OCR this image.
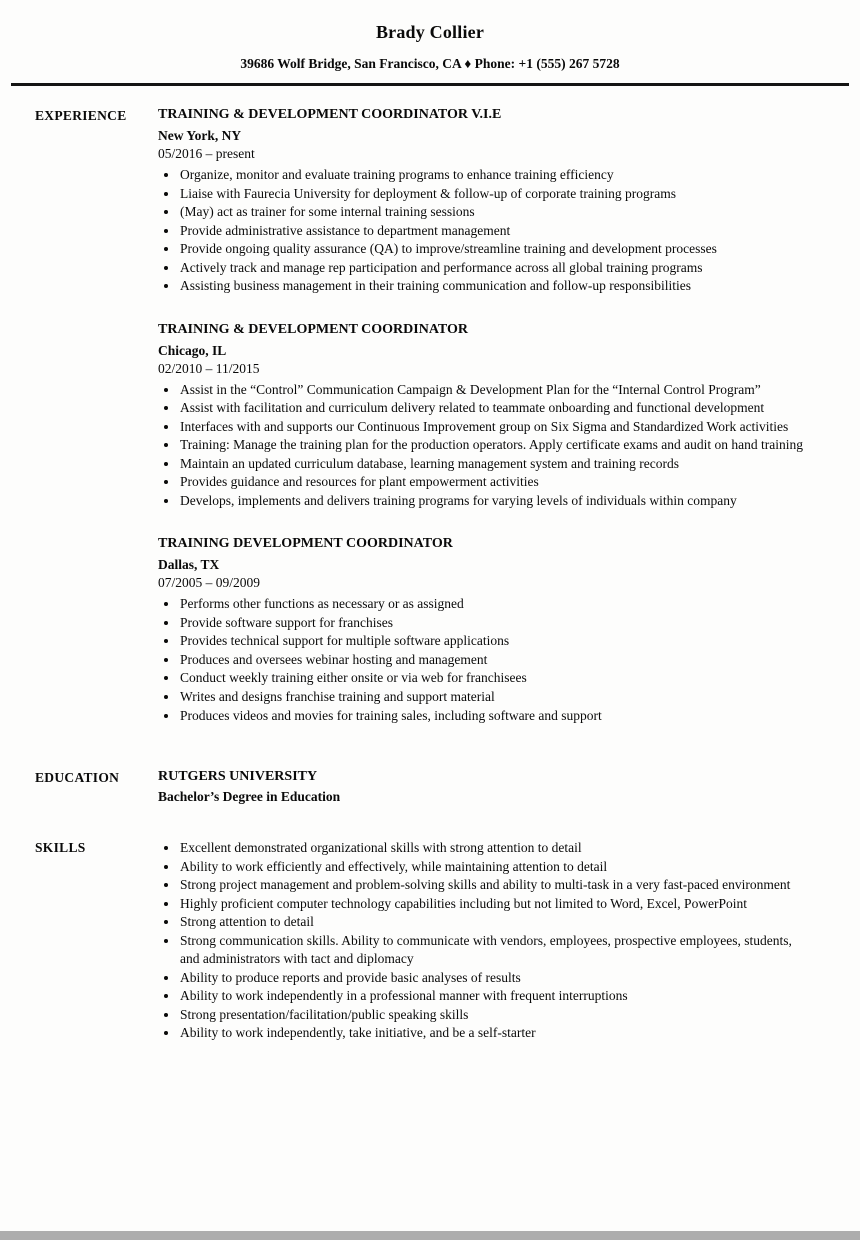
Brady Collier
39686 Wolf Bridge, San Francisco, CA ♦ Phone: +1 (555) 267 5728
EXPERIENCE	TRAINING & DEVELOPMENT COORDINATOR V.I.E
New York, NY
05/2016 – present
• Organize, monitor and evaluate training programs to enhance training efficiency
• Liaise with Faurecia University for deployment & follow-up of corporate training programs
• (May) act as trainer for some internal training sessions
• Provide administrative assistance to department management
• Provide ongoing quality assurance (QA) to improve/streamline training and development processes
• Actively track and manage rep participation and performance across all global training programs
• Assisting business management in their training communication and follow-up responsibilities
TRAINING & DEVELOPMENT COORDINATOR
Chicago, IL
02/2010 – 11/2015
• Assist in the “Control” Communication Campaign & Development Plan for the “Internal Control Program”
• Assist with facilitation and curriculum delivery related to teammate onboarding and functional development
• Interfaces with and supports our Continuous Improvement group on Six Sigma and Standardized Work activities
• Training: Manage the training plan for the production operators. Apply certificate exams and audit on hand training
• Maintain an updated curriculum database, learning management system and training records
• Provides guidance and resources for plant empowerment activities
• Develops, implements and delivers training programs for varying levels of individuals within company
TRAINING DEVELOPMENT COORDINATOR
Dallas, TX
07/2005 – 09/2009
• Performs other functions as necessary or as assigned
• Provide software support for franchises
• Provides technical support for multiple software applications
• Produces and oversees webinar hosting and management
• Conduct weekly training either onsite or via web for franchisees
• Writes and designs franchise training and support material
• Produces videos and movies for training sales, including software and support
EDUCATION	RUTGERS UNIVERSITY
Bachelor’s Degree in Education
SKILLS	• Excellent demonstrated organizational skills with strong attention to detail
• Ability to work efficiently and effectively, while maintaining attention to detail
• Strong project management and problem-solving skills and ability to multi-task in a very fast-paced environment
• Highly proficient computer technology capabilities including but not limited to Word, Excel, PowerPoint
• Strong attention to detail
• Strong communication skills. Ability to communicate with vendors, employees, prospective employees, students, and administrators with tact and diplomacy
• Ability to produce reports and provide basic analyses of results
• Ability to work independently in a professional manner with frequent interruptions
• Strong presentation/facilitation/public speaking skills
• Ability to work independently, take initiative, and be a self-starter
